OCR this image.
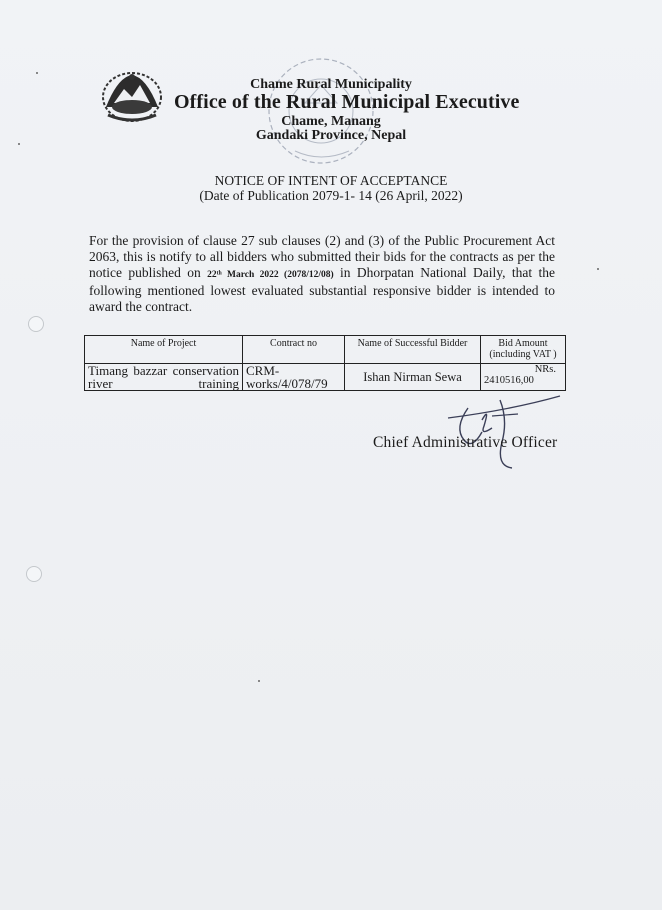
Chame Rural Municipality
Office of the Rural Municipal Executive
Chame, Manang
Gandaki Province, Nepal
NOTICE OF INTENT OF ACCEPTANCE
(Date of Publication 2079-1- 14 (26 April, 2022)
For the provision of clause 27 sub clauses (2) and (3) of the Public Procurement Act 2063, this is notify to all bidders who submitted their bids for the contracts as per the notice published on 22ᵗʰ March 2022 (2078/12/08) in Dhorpatan National Daily, that the following mentioned lowest evaluated substantial responsive bidder is intended to award the contract.
Name of Project	Contract no	Name of Successful Bidder	Bid Amount (including VAT )
Timang bazzar conservation river training	CRM-works/4/078/79	Ishan Nirman Sewa	NRs.
2410516,00
Chief Administrative Officer
